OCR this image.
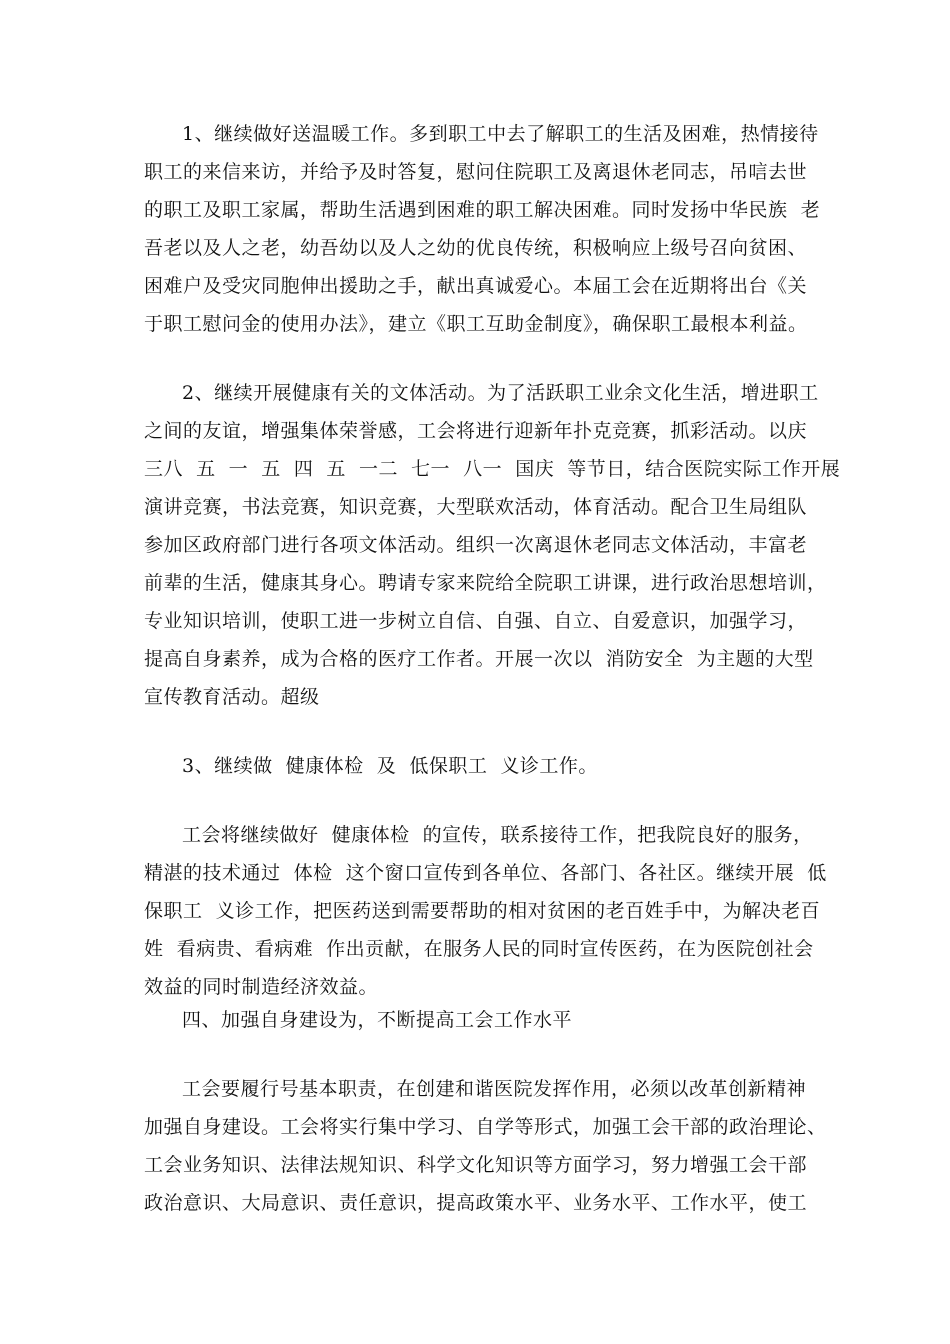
1、继续做好送温暖工作。多到职工中去了解职工的生活及困难，热情接待
职工的来信来访，并给予及时答复，慰问住院职工及离退休老同志，吊唁去世
的职工及职工家属，帮助生活遇到困难的职工解决困难。同时发扬中华民族  老
吾老以及人之老，幼吾幼以及人之幼的优良传统，积极响应上级号召向贫困、
困难户及受灾同胞伸出援助之手，献出真诚爱心。本届工会在近期将出台《关
于职工慰问金的使用办法》，建立《职工互助金制度》，确保职工最根本利益。
2、继续开展健康有关的文体活动。为了活跃职工业余文化生活，增进职工
之间的友谊，增强集体荣誉感，工会将进行迎新年扑克竞赛，抓彩活动。以庆
三八  五  一  五  四  五  一二  七一  八一  国庆  等节日，结合医院实际工作开展
演讲竞赛，书法竞赛，知识竞赛，大型联欢活动，体育活动。配合卫生局组队
参加区政府部门进行各项文体活动。组织一次离退休老同志文体活动，丰富老
前辈的生活，健康其身心。聘请专家来院给全院职工讲课，进行政治思想培训，
专业知识培训，使职工进一步树立自信、自强、自立、自爱意识，加强学习，
提高自身素养，成为合格的医疗工作者。开展一次以  消防安全  为主题的大型
宣传教育活动。超级
3、继续做  健康体检  及  低保职工  义诊工作。
工会将继续做好  健康体检  的宣传，联系接待工作，把我院良好的服务，
精湛的技术通过  体检  这个窗口宣传到各单位、各部门、各社区。继续开展  低
保职工  义诊工作，把医药送到需要帮助的相对贫困的老百姓手中，为解决老百
姓  看病贵、看病难  作出贡献，在服务人民的同时宣传医药，在为医院创社会
效益的同时制造经济效益。
四、加强自身建设为，不断提高工会工作水平
工会要履行号基本职责，在创建和谐医院发挥作用，必须以改革创新精神
加强自身建设。工会将实行集中学习、自学等形式，加强工会干部的政治理论、
工会业务知识、法律法规知识、科学文化知识等方面学习，努力增强工会干部
政治意识、大局意识、责任意识，提高政策水平、业务水平、工作水平，使工
